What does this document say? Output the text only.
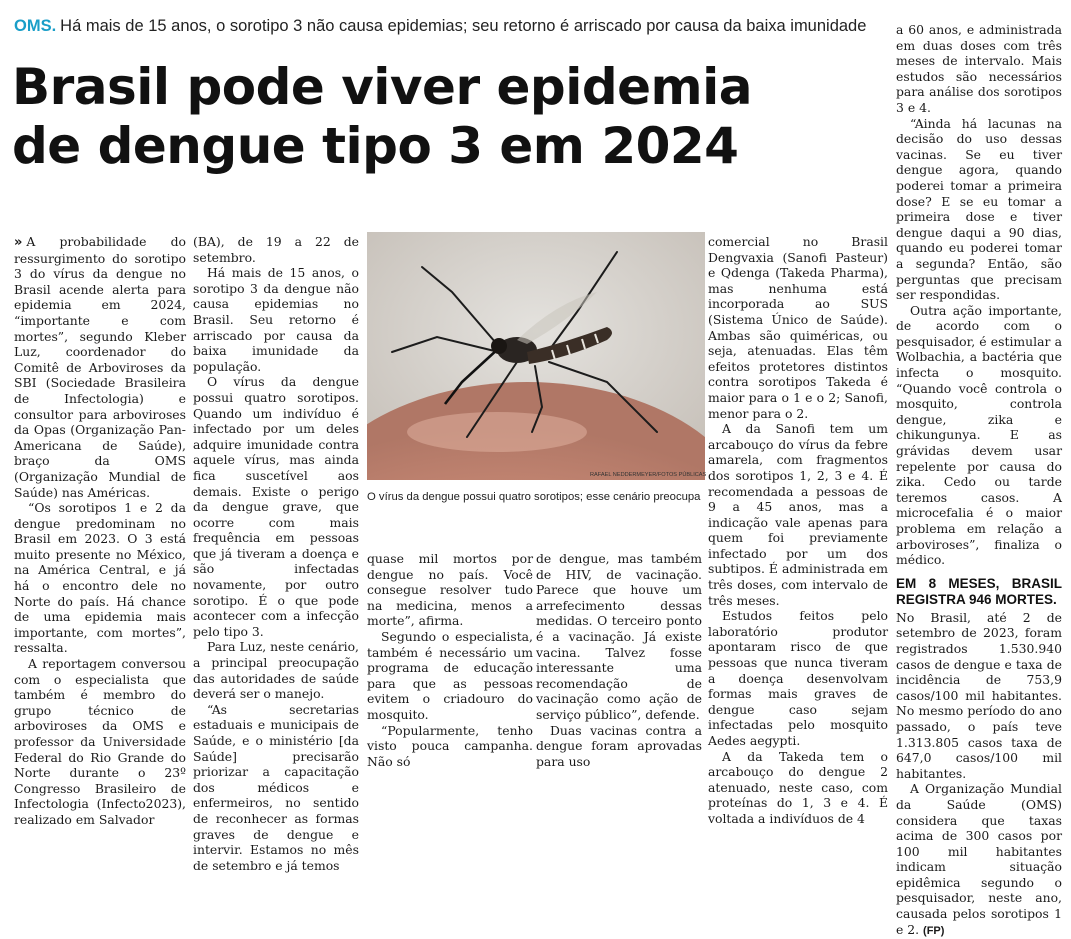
OMS. Há mais de 15 anos, o sorotipo 3 não causa epidemias; seu retorno é arriscado por causa da baixa imunidade
Brasil pode viver epidemia
de dengue tipo 3 em 2024

» A probabilidade do ressurgimento do sorotipo 3 do vírus da dengue no Brasil acende alerta para epidemia em 2024, “importante e com mortes”, segundo Kleber Luz, coordenador do Comitê de Arboviroses da SBI (Sociedade Brasileira de Infectologia) e consultor para arboviroses da Opas (Organização Pan-Americana de Saúde), braço da OMS (Organização Mundial de Saúde) nas Américas.

“Os sorotipos 1 e 2 da dengue predominam no Brasil em 2023. O 3 está muito presente no México, na América Central, e já há o encontro dele no Norte do país. Há chance de uma epidemia mais importante, com mortes”, ressalta.

A reportagem conversou com o especialista que também é membro do grupo técnico de arboviroses da OMS e professor da Universidade Federal do Rio Grande do Norte durante o 23º Congresso Brasileiro de Infectologia (Infecto2023), realizado em Salvador

(BA), de 19 a 22 de setembro.

Há mais de 15 anos, o sorotipo 3 da dengue não causa epidemias no Brasil. Seu retorno é arriscado por causa da baixa imunidade da população.

O vírus da dengue possui quatro sorotipos. Quando um indivíduo é infectado por um deles adquire imunidade contra aquele vírus, mas ainda fica suscetível aos demais. Existe o perigo da dengue grave, que ocorre com mais frequência em pessoas que já tiveram a doença e são infectadas novamente, por outro sorotipo. É o que pode acontecer com a infecção pelo tipo 3.

Para Luz, neste cenário, a principal preocupação das autoridades de saúde deverá ser o manejo.

“As secretarias estaduais e municipais de Saúde, e o ministério [da Saúde] precisarão priorizar a capacitação dos médicos e enfermeiros, no sentido de reconhecer as formas graves de dengue e intervir. Estamos no mês de setembro e já temos

RAFAEL NEDDERMEYER/FOTOS PÚBLICAS
O vírus da dengue possui quatro sorotipos; esse cenário preocupa

quase mil mortos por dengue no país. Você consegue resolver tudo na medicina, menos a morte”, afirma.

Segundo o especialista, também é necessário um programa de educação para que as pessoas evitem o criadouro do mosquito.

“Popularmente, tenho visto pouca campanha. Não só

de dengue, mas também de HIV, de vacinação. Parece que houve um arrefecimento dessas medidas. O terceiro ponto é a vacinação. Já existe vacina. Talvez fosse interessante uma recomendação de vacinação como ação de serviço público”, defende.

Duas vacinas contra a dengue foram aprovadas para uso

comercial no Brasil Dengvaxia (Sanofi Pasteur) e Qdenga (Takeda Pharma), mas nenhuma está incorporada ao SUS (Sistema Único de Saúde). Ambas são quiméricas, ou seja, atenuadas. Elas têm efeitos protetores distintos contra sorotipos Takeda é maior para o 1 e o 2; Sanofi, menor para o 2.

A da Sanofi tem um arcabouço do vírus da febre amarela, com fragmentos dos sorotipos 1, 2, 3 e 4. É recomendada a pessoas de 9 a 45 anos, mas a indicação vale apenas para quem foi previamente infectado por um dos subtipos. É administrada em três doses, com intervalo de três meses.

Estudos feitos pelo laboratório produtor apontaram risco de que pessoas que nunca tiveram a doença desenvolvam formas mais graves de dengue caso sejam infectadas pelo mosquito Aedes aegypti.

A da Takeda tem o arcabouço do dengue 2 atenuado, neste caso, com proteínas do 1, 3 e 4. É voltada a indivíduos de 4

a 60 anos, e administrada em duas doses com três meses de intervalo. Mais estudos são necessários para análise dos sorotipos 3 e 4.

“Ainda há lacunas na decisão do uso dessas vacinas. Se eu tiver dengue agora, quando poderei tomar a primeira dose? E se eu tomar a primeira dose e tiver dengue daqui a 90 dias, quando eu poderei tomar a segunda? Então, são perguntas que precisam ser respondidas.

Outra ação importante, de acordo com o pesquisador, é estimular a Wolbachia, a bactéria que infecta o mosquito. “Quando você controla o mosquito, controla dengue, zika e chikungunya. E as grávidas devem usar repelente por causa do zika. Cedo ou tarde teremos casos. A microcefalia é o maior problema em relação a arboviroses”, finaliza o médico.

EM 8 MESES, BRASIL REGISTRA 946 MORTES.

No Brasil, até 2 de setembro de 2023, foram registrados 1.530.940 casos de dengue e taxa de incidência de 753,9 casos/100 mil habitantes. No mesmo período do ano passado, o país teve 1.313.805 casos taxa de 647,0 casos/100 mil habitantes.

A Organização Mundial da Saúde (OMS) considera que taxas acima de 300 casos por 100 mil habitantes indicam situação epidêmica segundo o pesquisador, neste ano, causada pelos sorotipos 1 e 2. (FP)
